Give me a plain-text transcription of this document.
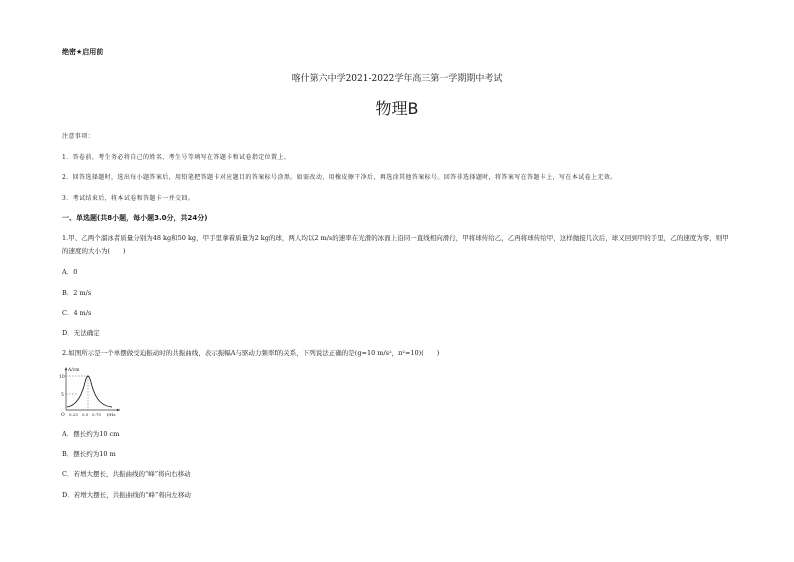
绝密★启用前
喀什第六中学2021-2022学年高三第一学期期中考试
物理B
注意事项：
1．答卷前，考生务必将自己的姓名、考生号等填写在答题卡和试卷指定位置上。
2．回答选择题时，选出每小题答案后，用铅笔把答题卡对应题目的答案标号涂黑。如需改动，用橡皮擦干净后，再选涂其他答案标号。回答非选择题时，将答案写在答题卡上，写在本试卷上无效。
3．考试结束后，将本试卷和答题卡一并交回。
一、单选题(共8小题，每小题3.0分，共24分)
1.甲、乙两个溜冰者质量分别为48 kg和50 kg，甲手里拿着质量为2 kg的球，两人均以2 m/s的速率在光滑的冰面上沿同一直线相向滑行，甲将球传给乙，乙再将球传给甲，这样抛接几次后，球又回到甲的手里，乙的速度为零，则甲的速度的大小为(　　)
A．0
B．2 m/s
C．4 m/s
D．无法确定
2.如图所示是一个单摆做受迫振动时的共振曲线，表示振幅A与驱动力频率f的关系，下列说法正确的是(g=10 m/s²，π²=10)(　　)
A/cm
10
5
O 0.25 0.5 0.75 f/Hz
A．摆长约为10 cm
B．摆长约为10 m
C．若增大摆长，共振曲线的“峰”将向右移动
D．若增大摆长，共振曲线的“峰”将向左移动
